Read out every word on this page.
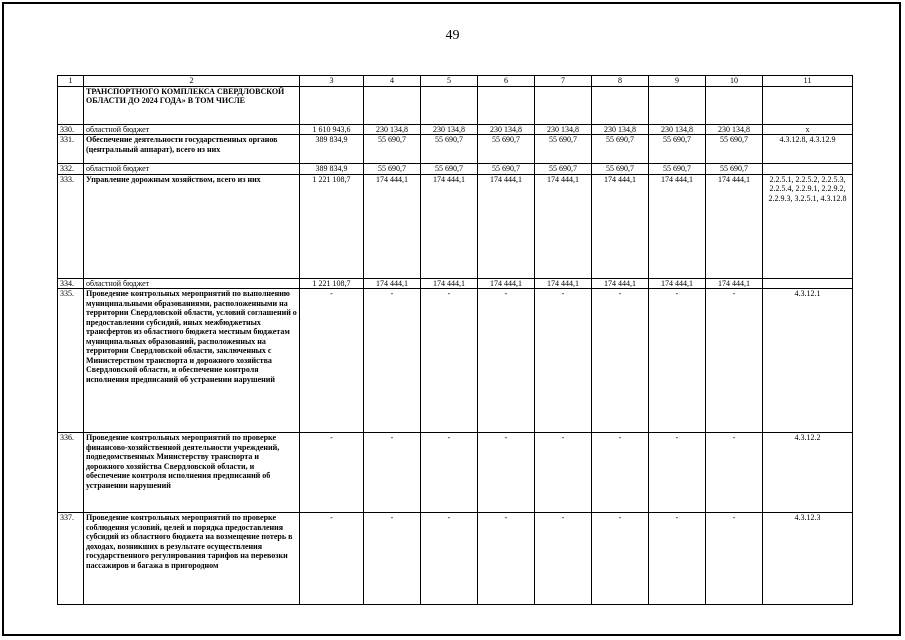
49
1	2	3	4	5	6	7	8	9	10	11
	ТРАНСПОРТНОГО КОМПЛЕКСА СВЕРДЛОВСКОЙ ОБЛАСТИ ДО 2024 ГОДА» В ТОМ ЧИСЛЕ									
330.	областной бюджет	1 610 943,6	230 134,8	230 134,8	230 134,8	230 134,8	230 134,8	230 134,8	230 134,8	х
331.	Обеспечение деятельности государственных органов (центральный аппарат), всего из них	389 834,9	55 690,7	55 690,7	55 690,7	55 690,7	55 690,7	55 690,7	55 690,7	4.3.12.8, 4.3.12.9
332.	областной бюджет	389 834,9	55 690,7	55 690,7	55 690,7	55 690,7	55 690,7	55 690,7	55 690,7	
333.	Управление дорожным хозяйством, всего из них	1 221 108,7	174 444,1	174 444,1	174 444,1	174 444,1	174 444,1	174 444,1	174 444,1	2.2.5.1, 2.2.5.2, 2.2.5.3, 2.2.5.4, 2.2.9.1, 2.2.9.2, 2.2.9.3, 3.2.5.1, 4.3.12.8
334.	областной бюджет	1 221 108,7	174 444,1	174 444,1	174 444,1	174 444,1	174 444,1	174 444,1	174 444,1	
335.	Проведение контрольных мероприятий по выполнению муниципальными образованиями, расположенными на территории Свердловской области, условий соглашений о предоставлении субсидий, иных межбюджетных трансфертов из областного бюджета местным бюджетам муниципальных образований, расположенных на территории Свердловской области, заключенных с Министерством транспорта и дорожного хозяйства Свердловской области, и обеспечение контроля исполнения предписаний об устранении нарушений	-	-	-	-	-	-	-	-	4.3.12.1
336.	Проведение контрольных мероприятий по проверке финансово-хозяйственной деятельности учреждений, подведомственных Министерству транспорта и дорожного хозяйства Свердловской области, и обеспечение контроля исполнения предписаний об устранении нарушений	-	-	-	-	-	-	-	-	4.3.12.2
337.	Проведение контрольных мероприятий по проверке соблюдения условий, целей и порядка предоставления субсидий из областного бюджета на возмещение потерь в доходах, возникших в результате осуществления государственного регулирования тарифов на перевозки пассажиров и багажа в пригородном	-	-	-	-	-	-	-	-	4.3.12.3
